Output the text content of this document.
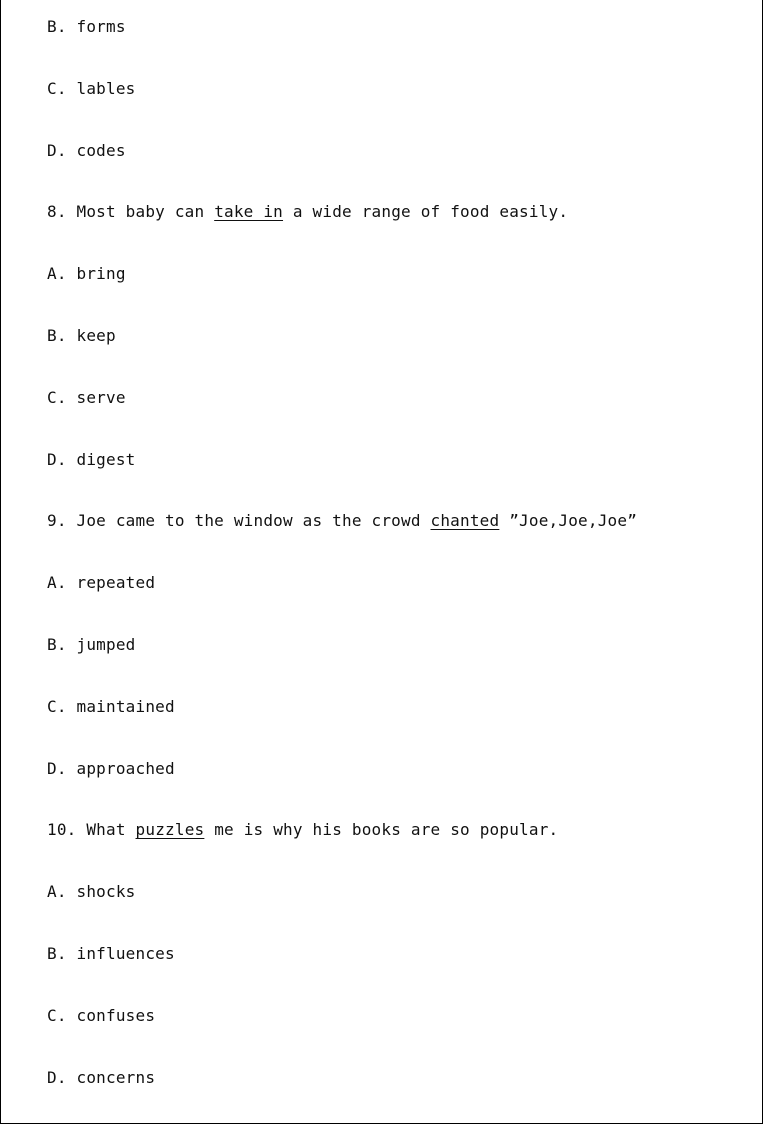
B. forms
C. lables
D. codes
8. Most baby can take in a wide range of food easily.
A. bring
B. keep
C. serve
D. digest
9. Joe came to the window as the crowd chanted ”Joe,Joe,Joe”
A. repeated
B. jumped
C. maintained
D. approached
10. What puzzles me is why his books are so popular.
A. shocks
B. influences
C. confuses
D. concerns
